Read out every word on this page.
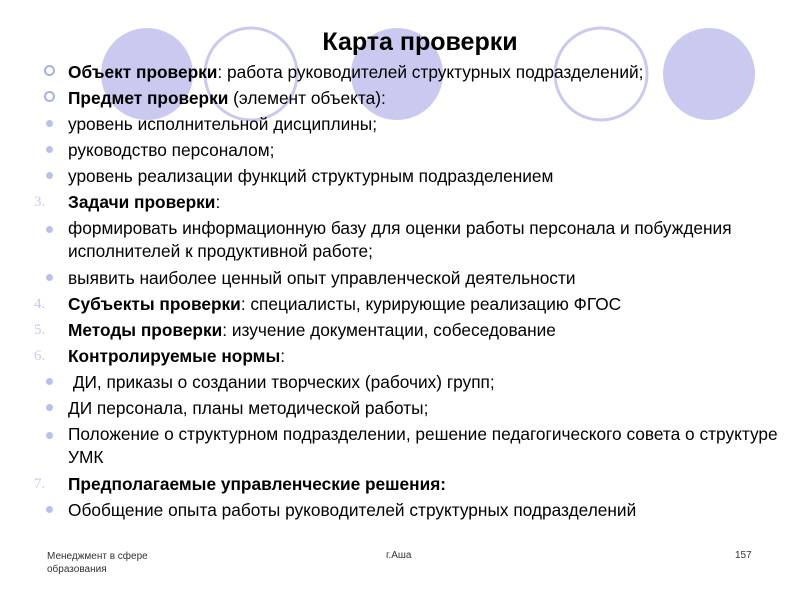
Карта проверки
Объект проверки: работа руководителей структурных подразделений;
Предмет проверки (элемент объекта):
уровень исполнительной дисциплины;
руководство персоналом;
уровень реализации функций структурным подразделением
3.	Задачи проверки:
формировать информационную базу для оценки работы персонала и побуждения исполнителей к продуктивной работе;
выявить наиболее ценный опыт управленческой деятельности
4.	Субъекты проверки: специалисты, курирующие реализацию ФГОС
5.	Методы проверки: изучение документации, собеседование
6.	Контролируемые нормы:
ДИ, приказы о создании творческих (рабочих) групп;
ДИ персонала, планы методической работы;
Положение о структурном подразделении, решение педагогического совета о структуре УМК
7.	Предполагаемые управленческие решения:
Обобщение опыта работы руководителей структурных подразделений
Менеджмент в сфере образования
г.Аша	157
